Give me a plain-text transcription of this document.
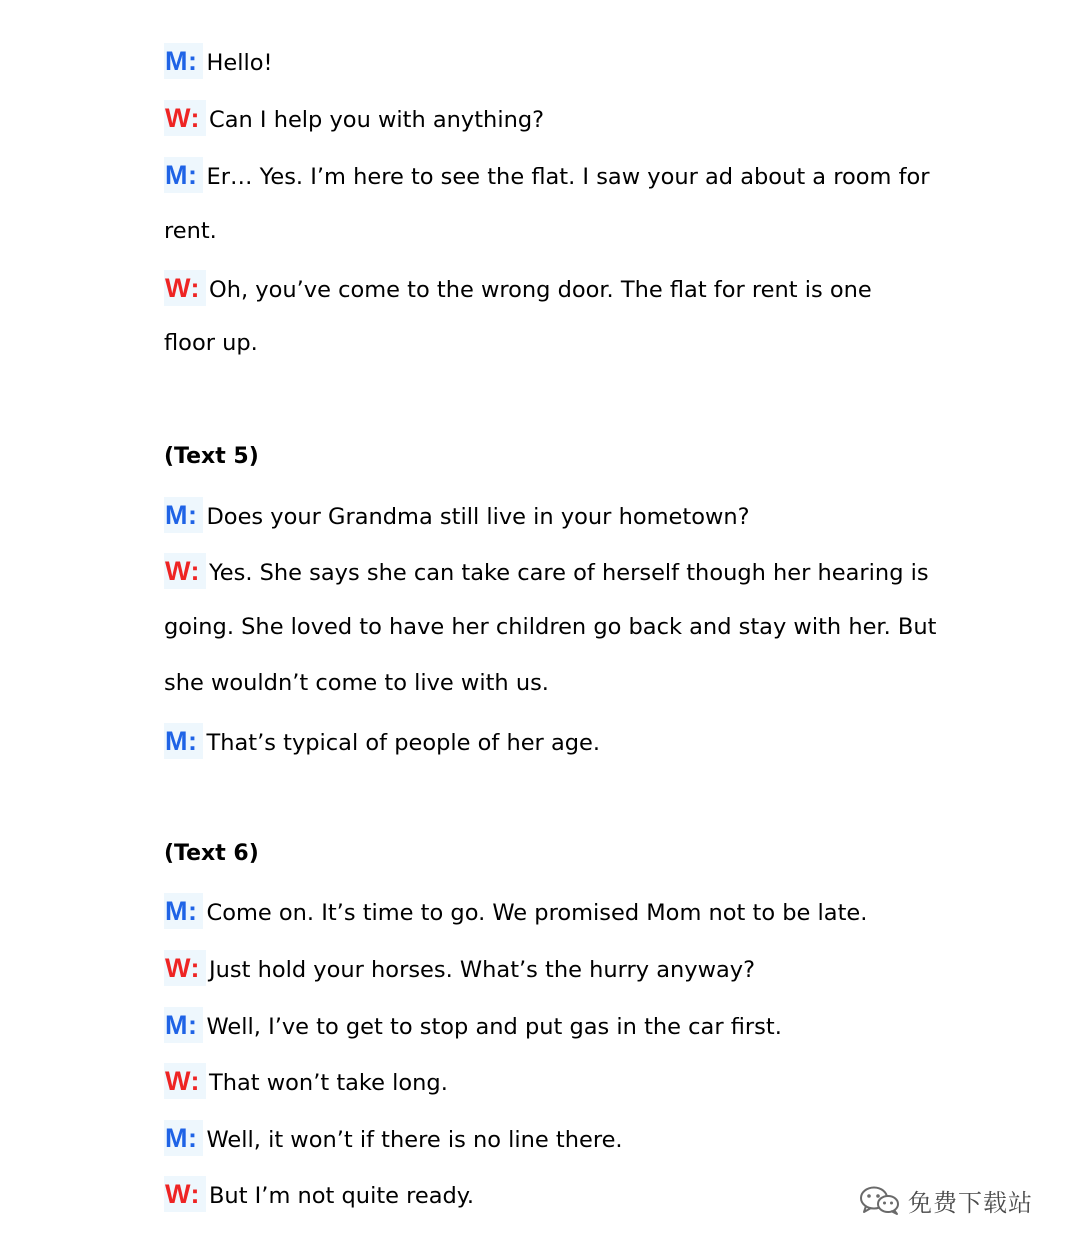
M: Hello!
W: Can I help you with anything?
M: Er… Yes. I’m here to see the flat. I saw your ad about a room for
rent.
W: Oh, you’ve come to the wrong door. The flat for rent is one
floor up.
(Text 5)
M: Does your Grandma still live in your hometown?
W: Yes. She says she can take care of herself though her hearing is
going. She loved to have her children go back and stay with her. But
she wouldn’t come to live with us.
M: That’s typical of people of her age.
(Text 6)
M: Come on. It’s time to go. We promised Mom not to be late.
W: Just hold your horses. What’s the hurry anyway?
M: Well, I’ve to get to stop and put gas in the car first.
W: That won’t take long.
M: Well, it won’t if there is no line there.
W: But I’m not quite ready.	免费下载站
